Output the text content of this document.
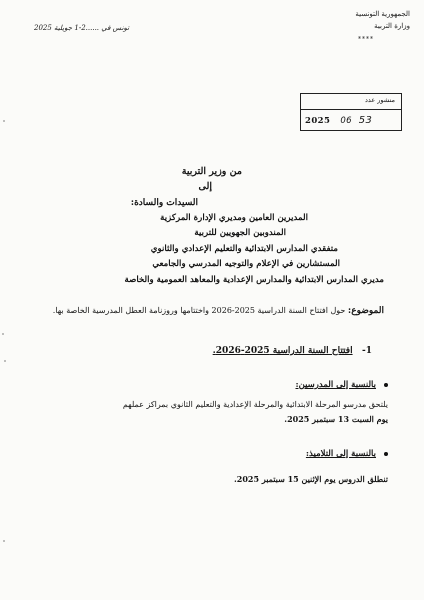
الجمهورية التونسية
وزارة التربية
****
تونس في ......2-1 جويلية 2025
منشور عدد
2025 06 53
من وزير التربية
إلى
السيدات والسادة:
المديرين العامين ومديري الإدارة المركزية
المندوبين الجهويين للتربية
متفقدي المدارس الابتدائية والتعليم الإعدادي والثانوي
المستشارين في الإعلام والتوجيه المدرسي والجامعي
مديري المدارس الابتدائية والمدارس الإعدادية والمعاهد العمومية والخاصة
الموضوع: حول افتتاح السنة الدراسية 2025-2026 واختتامها وروزنامة العطل المدرسية الخاصة بها.
1-   افتتاح السنة الدراسية 2025-2026.
بالنسبة إلى المدرسين:
يلتحق مدرسو المرحلة الابتدائية والمرحلة الإعدادية والتعليم الثانوي بمراكز عملهم
يوم السبت 13 سبتمبر 2025.
بالنسبة إلى التلاميذ:
تنطلق الدروس يوم الإثنين 15 سبتمبر 2025.
